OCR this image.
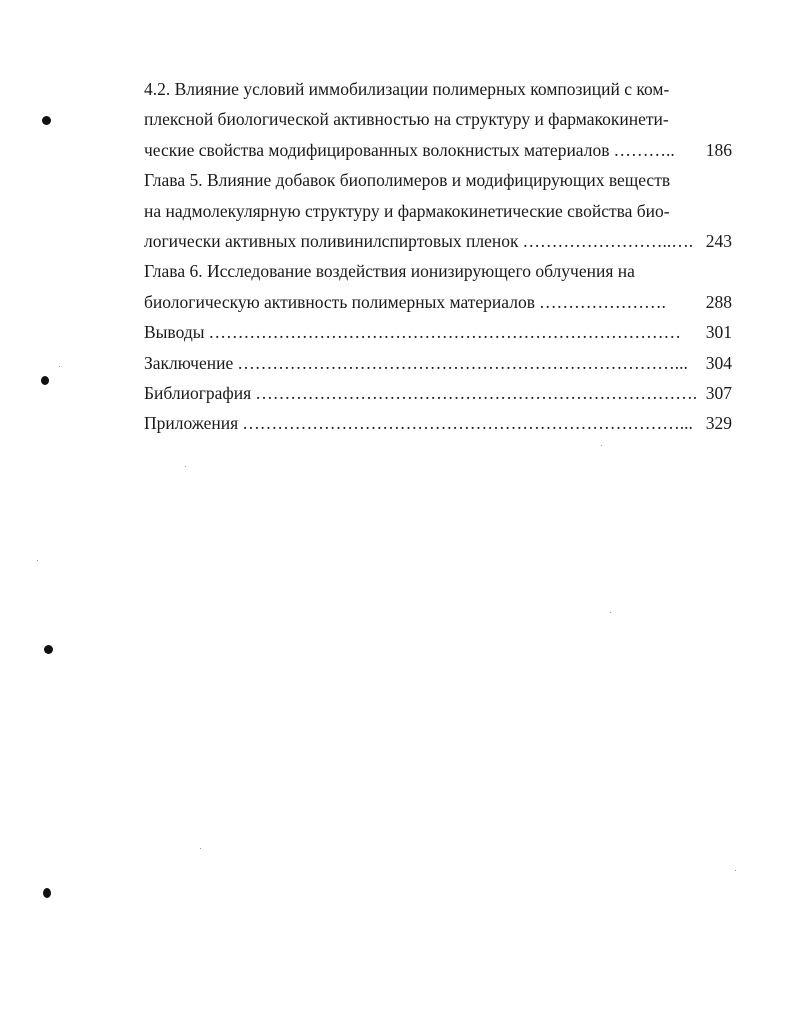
4.2. Влияние условий иммобилизации полимерных композиций с ком-
плексной биологической активностью на структуру и фармакокинети-
ческие свойства модифицированных волокнистых материалов ………..	186
Глава 5. Влияние добавок биополимеров и модифицирующих веществ
на надмолекулярную структуру и фармакокинетические свойства био-
логически активных поливинилспиртовых пленок ……………………..…. 243
Глава 6. Исследование воздействия ионизирующего облучения на
биологическую активность полимерных материалов ………………….	288
Выводы ………………………………………………………………………	301
Заключение …………………………………………………………………...	304
Библиография …………………………………………………………………. 307
Приложения …………………………………………………………………... 329
